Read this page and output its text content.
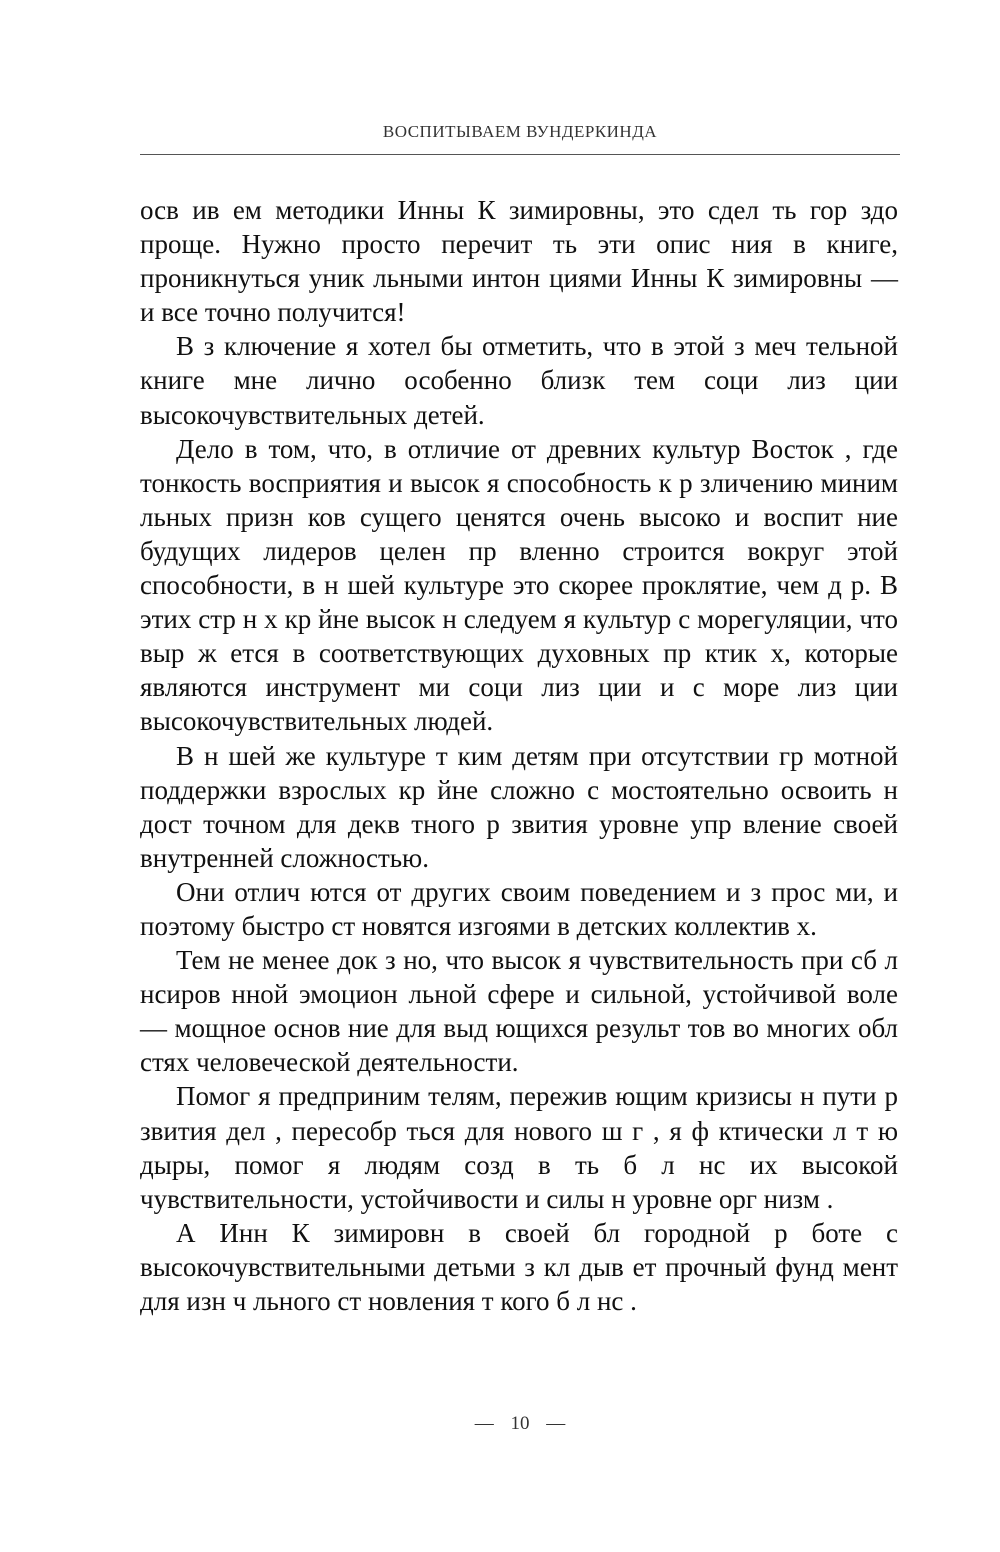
ВОСПИТЫВАЕМ ВУНДЕРКИНДА

осв ив ем методики Инны К зимировны, это сдел ть гор здо проще. Нужно просто перечит ть эти опис ния в книге, проникнуться уник льными интон циями Инны К зимировны — и все точно получится!

В з ключение я хотел бы отметить, что в этой з меч тельной книге мне лично особенно близк тем соци лиз ции высокочувствительных детей.

Дело в том, что, в отличие от древних культур Восток , где тонкость восприятия и высок я способность к р зличению миним льных призн ков сущего ценятся очень высоко и воспит ние будущих лидеров целен пр вленно строится вокруг этой способности, в н шей культуре это скорее проклятие, чем д р. В этих стр н х кр йне высок н следуем я культур с морегуляции, что выр ж ется в соответствующих духовных пр ктик х, которые являются инструмент ми соци лиз ции и с море лиз ции высокочувствительных людей.

В н шей же культуре т ким детям при отсутствии гр мотной поддержки взрослых кр йне сложно с мостоятельно освоить н дост точном для деκв тного р звития уровне упр вление своей внутренней сложностью.

Они отлич ются от других своим поведением и з прос ми, и поэтому быстро ст новятся изгоями в детских коллектив х.

Тем не менее док з но, что высок я чувствительность при сб л нсиров нной эмоцион льной сфере и сильной, устойчивой воле — мощное основ ние для выд ющихся результ тов во многих обл стях человеческой деятельности.

Помог я предприним телям, пережив ющим кризисы н пути р звития дел , пересобр ться для нового ш г , я ф ктически л т ю дыры, помог я людям созд в ть б л нс их высокой чувствительности, устойчивости и силы н уровне орг низм .

А Инн К зимировн в своей бл городной р боте с высокочувствительными детьми з кл дыв ет прочный фунд мент для изн ч льного ст новления т кого б л нс .

— 10 —
